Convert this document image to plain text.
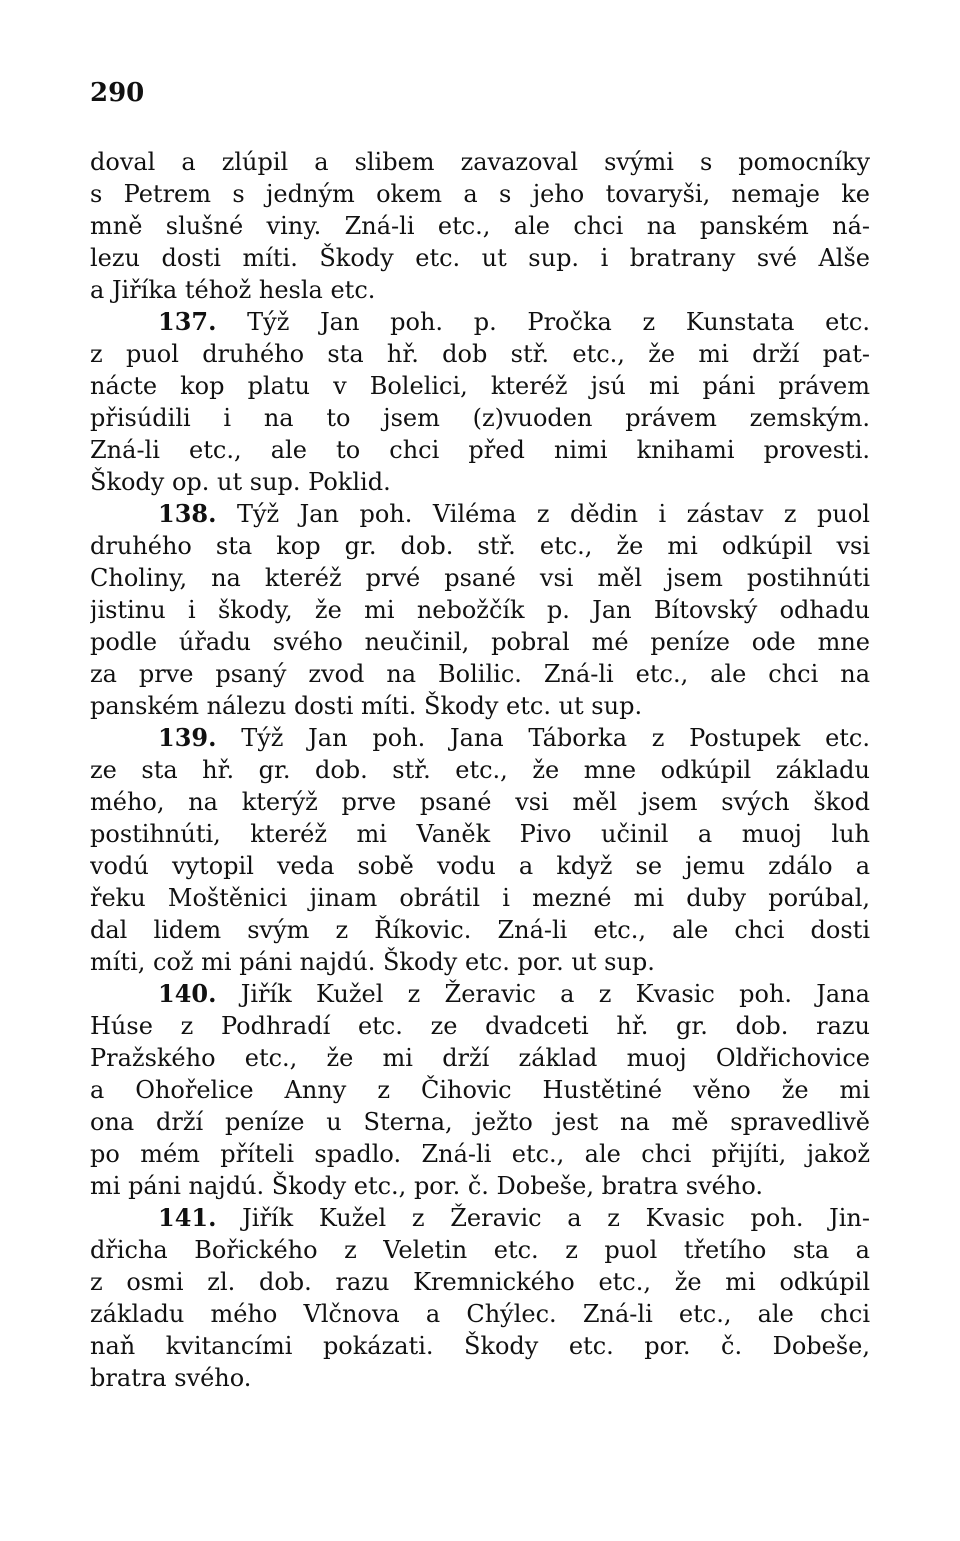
290
doval a zlúpil a slibem zavazoval svými s pomocníky
s Petrem s jedným okem a s jeho tovaryši, nemaje ke
mně slušné viny. Zná-li etc., ale chci na panském ná-
lezu dosti míti. Škody etc. ut sup. i bratrany své Alše
a Jiříka téhož hesla etc.
137. Týž Jan poh. p. Pročka z Kunstata etc.
z puol druhého sta hř. dob stř. etc., že mi drží pat-
nácte kop platu v Bolelici, kteréž jsú mi páni právem
přisúdili i na to jsem (z)vuoden právem zemským.
Zná-li etc., ale to chci před nimi knihami provesti.
Škody op. ut sup. Poklid.
138. Týž Jan poh. Viléma z dědin i zástav z puol
druhého sta kop gr. dob. stř. etc., že mi odkúpil vsi
Choliny, na kteréž prvé psané vsi měl jsem postihnúti
jistinu i škody, že mi nebožčík p. Jan Bítovský odhadu
podle úřadu svého neučinil, pobral mé peníze ode mne
za prve psaný zvod na Bolilic. Zná-li etc., ale chci na
panském nálezu dosti míti. Škody etc. ut sup.
139. Týž Jan poh. Jana Táborka z Postupek etc.
ze sta hř. gr. dob. stř. etc., že mne odkúpil základu
mého, na kterýž prve psané vsi měl jsem svých škod
postihnúti, kteréž mi Vaněk Pivo učinil a muoj luh
vodú vytopil veda sobě vodu a když se jemu zdálo a
řeku Moštěnici jinam obrátil i mezné mi duby porúbal,
dal lidem svým z Říkovic. Zná-li etc., ale chci dosti
míti, což mi páni najdú. Škody etc. por. ut sup.
140. Jiřík Kužel z Žeravic a z Kvasic poh. Jana
Húse z Podhradí etc. ze dvadceti hř. gr. dob. razu
Pražského etc., že mi drží základ muoj Oldřichovice
a Ohořelice Anny z Čihovic Hustětiné věno že mi
ona drží peníze u Sterna, ježto jest na mě spravedlivě
po mém příteli spadlo. Zná-li etc., ale chci přijíti, jakož
mi páni najdú. Škody etc., por. č. Dobeše, bratra svého.
141. Jiřík Kužel z Žeravic a z Kvasic poh. Jin-
dřicha Bořického z Veletin etc. z puol třetího sta a
z osmi zl. dob. razu Kremnického etc., že mi odkúpil
základu mého Vlčnova a Chýlec. Zná-li etc., ale chci
naň kvitancími pokázati. Škody etc. por. č. Dobeše,
bratra svého.
